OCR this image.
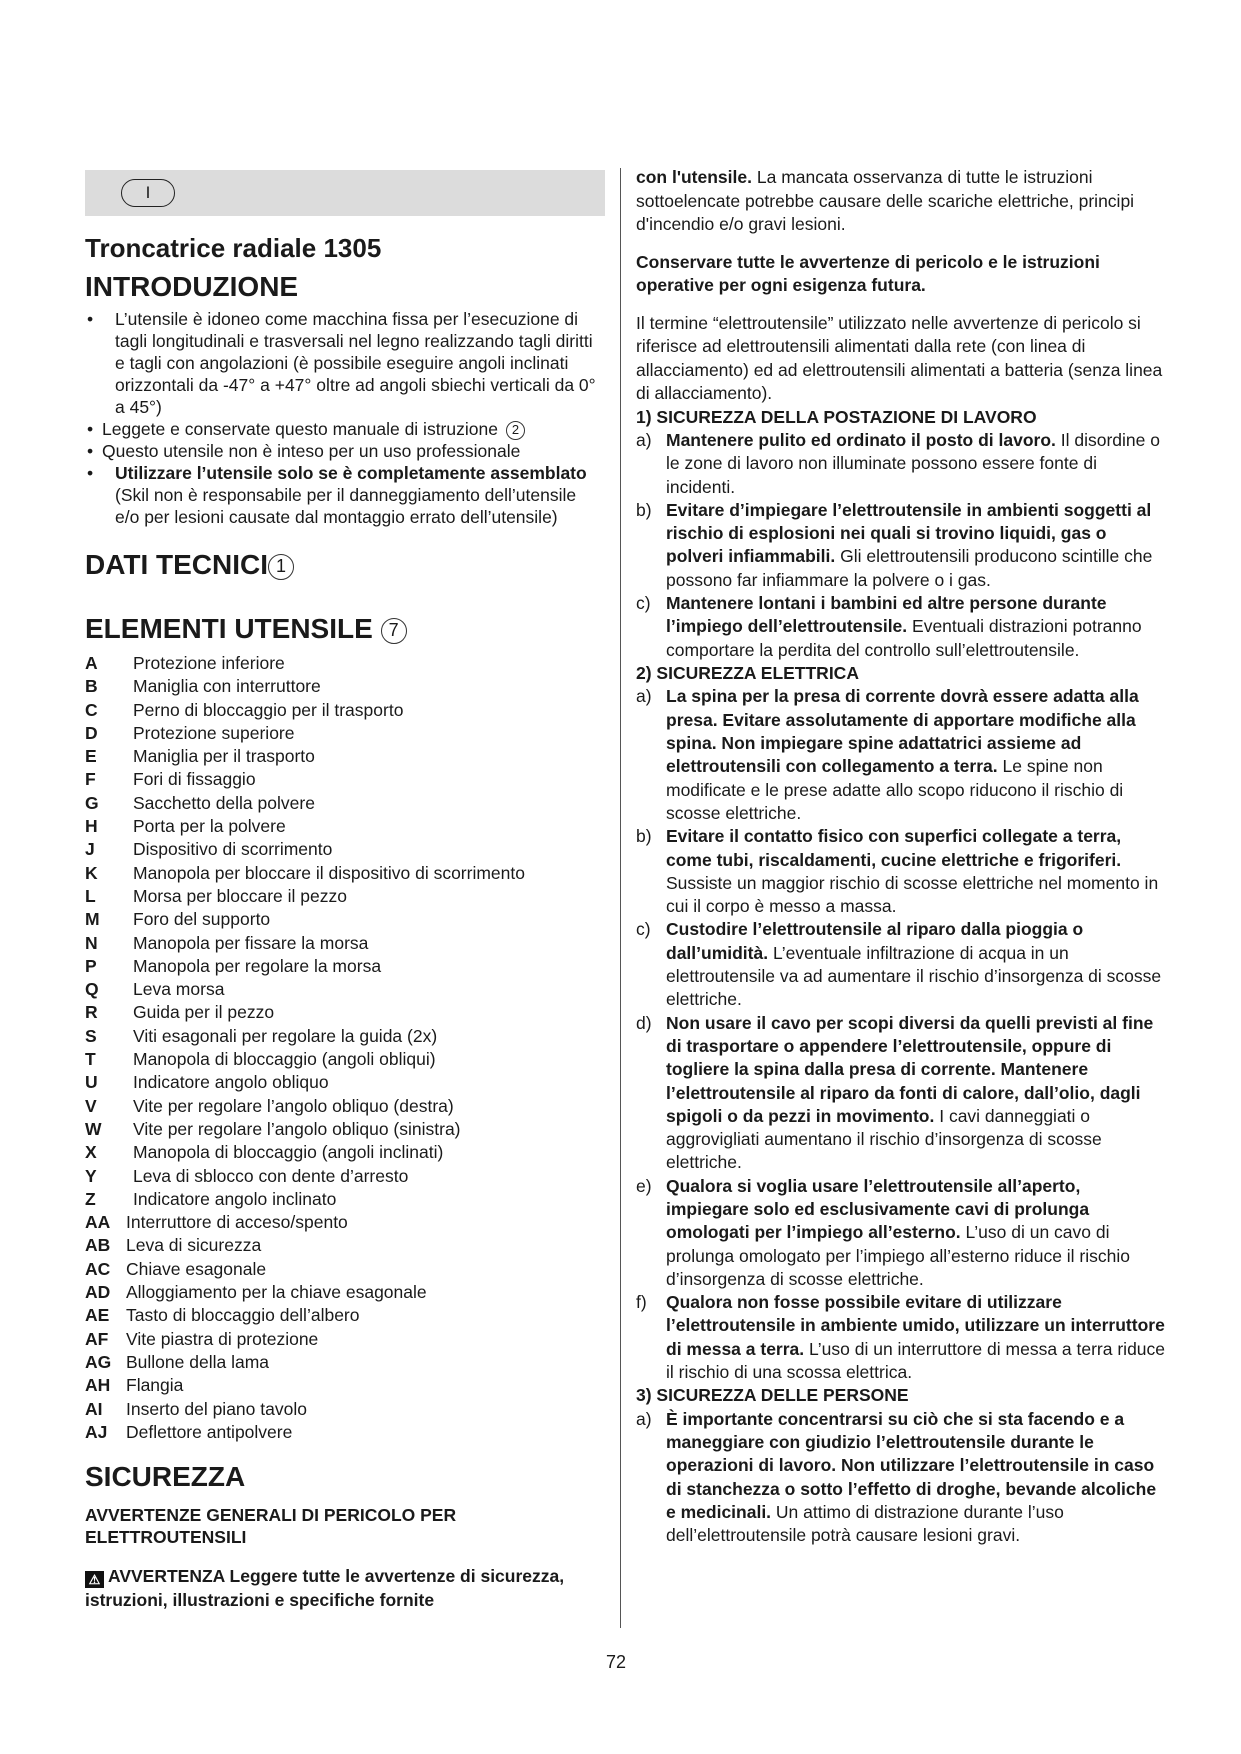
I
Troncatrice radiale 1305
INTRODUZIONE
• L’utensile è idoneo come macchina fissa per l’esecuzione di tagli longitudinali e trasversali nel legno realizzando tagli diritti e tagli con angolazioni (è possibile eseguire angoli inclinati orizzontali da -47° a +47° oltre ad angoli sbiechi verticali da 0° a 45°)
• Leggete e conservate questo manuale di istruzione 2
• Questo utensile non è inteso per un uso professionale
• Utilizzare l’utensile solo se è completamente assemblato (Skil non è responsabile per il danneggiamento dell’utensile e/o per lesioni causate dal montaggio errato dell’utensile)
DATI TECNICI 1
ELEMENTI UTENSILE 7
A	Protezione inferiore
B	Maniglia con interruttore
C	Perno di bloccaggio per il trasporto
D	Protezione superiore
E	Maniglia per il trasporto
F	Fori di fissaggio
G	Sacchetto della polvere
H	Porta per la polvere
J	Dispositivo di scorrimento
K	Manopola per bloccare il dispositivo di scorrimento
L	Morsa per bloccare il pezzo
M	Foro del supporto
N	Manopola per fissare la morsa
P	Manopola per regolare la morsa
Q	Leva morsa
R	Guida per il pezzo
S	Viti esagonali per regolare la guida (2x)
T	Manopola di bloccaggio (angoli obliqui)
U	Indicatore angolo obliquo
V	Vite per regolare l’angolo obliquo (destra)
W	Vite per regolare l’angolo obliquo (sinistra)
X	Manopola di bloccaggio (angoli inclinati)
Y	Leva di sblocco con dente d’arresto
Z	Indicatore angolo inclinato
AA Interruttore di acceso/spento
AB Leva di sicurezza
AC Chiave esagonale
AD Alloggiamento per la chiave esagonale
AE Tasto di bloccaggio dell’albero
AF	Vite piastra di protezione
AG Bullone della lama
AH Flangia
AI	Inserto del piano tavolo
AJ	Deflettore antipolvere
SICUREZZA
AVVERTENZE GENERALI DI PERICOLO PER ELETTROUTENSILI
⚠ AVVERTENZA Leggere tutte le avvertenze di sicurezza, istruzioni, illustrazioni e specifiche fornite
con l'utensile. La mancata osservanza di tutte le istruzioni sottoelencate potrebbe causare delle scariche elettriche, principi d'incendio e/o gravi lesioni.
Conservare tutte le avvertenze di pericolo e le istruzioni operative per ogni esigenza futura.
Il termine “elettroutensile” utilizzato nelle avvertenze di pericolo si riferisce ad elettroutensili alimentati dalla rete (con linea di allacciamento) ed ad elettroutensili alimentati a batteria (senza linea di allacciamento).
1) SICUREZZA DELLA POSTAZIONE DI LAVORO
a) Mantenere pulito ed ordinato il posto di lavoro. Il disordine o le zone di lavoro non illuminate possono essere fonte di incidenti.
b) Evitare d’impiegare l’elettroutensile in ambienti soggetti al rischio di esplosioni nei quali si trovino liquidi, gas o polveri infiammabili. Gli elettroutensili producono scintille che possono far infiammare la polvere o i gas.
c) Mantenere lontani i bambini ed altre persone durante l’impiego dell’elettroutensile. Eventuali distrazioni potranno comportare la perdita del controllo sull’elettroutensile.
2) SICUREZZA ELETTRICA
a) La spina per la presa di corrente dovrà essere adatta alla presa. Evitare assolutamente di apportare modifiche alla spina. Non impiegare spine adattatrici assieme ad elettroutensili con collegamento a terra. Le spine non modificate e le prese adatte allo scopo riducono il rischio di scosse elettriche.
b) Evitare il contatto fisico con superfici collegate a terra, come tubi, riscaldamenti, cucine elettriche e frigoriferi. Sussiste un maggior rischio di scosse elettriche nel momento in cui il corpo è messo a massa.
c) Custodire l’elettroutensile al riparo dalla pioggia o dall’umidità. L’eventuale infiltrazione di acqua in un elettroutensile va ad aumentare il rischio d’insorgenza di scosse elettriche.
d) Non usare il cavo per scopi diversi da quelli previsti al fine di trasportare o appendere l’elettroutensile, oppure di togliere la spina dalla presa di corrente. Mantenere l’elettroutensile al riparo da fonti di calore, dall’olio, dagli spigoli o da pezzi in movimento. I cavi danneggiati o aggrovigliati aumentano il rischio d’insorgenza di scosse elettriche.
e) Qualora si voglia usare l’elettroutensile all’aperto, impiegare solo ed esclusivamente cavi di prolunga omologati per l’impiego all’esterno. L’uso di un cavo di prolunga omologato per l’impiego all’esterno riduce il rischio d’insorgenza di scosse elettriche.
f) Qualora non fosse possibile evitare di utilizzare l’elettroutensile in ambiente umido, utilizzare un interruttore di messa a terra. L’uso di un interruttore di messa a terra riduce il rischio di una scossa elettrica.
3) SICUREZZA DELLE PERSONE
a) È importante concentrarsi su ciò che si sta facendo e a maneggiare con giudizio l’elettroutensile durante le operazioni di lavoro. Non utilizzare l’elettroutensile in caso di stanchezza o sotto l’effetto di droghe, bevande alcoliche e medicinali. Un attimo di distrazione durante l’uso dell’elettroutensile potrà causare lesioni gravi.
72
